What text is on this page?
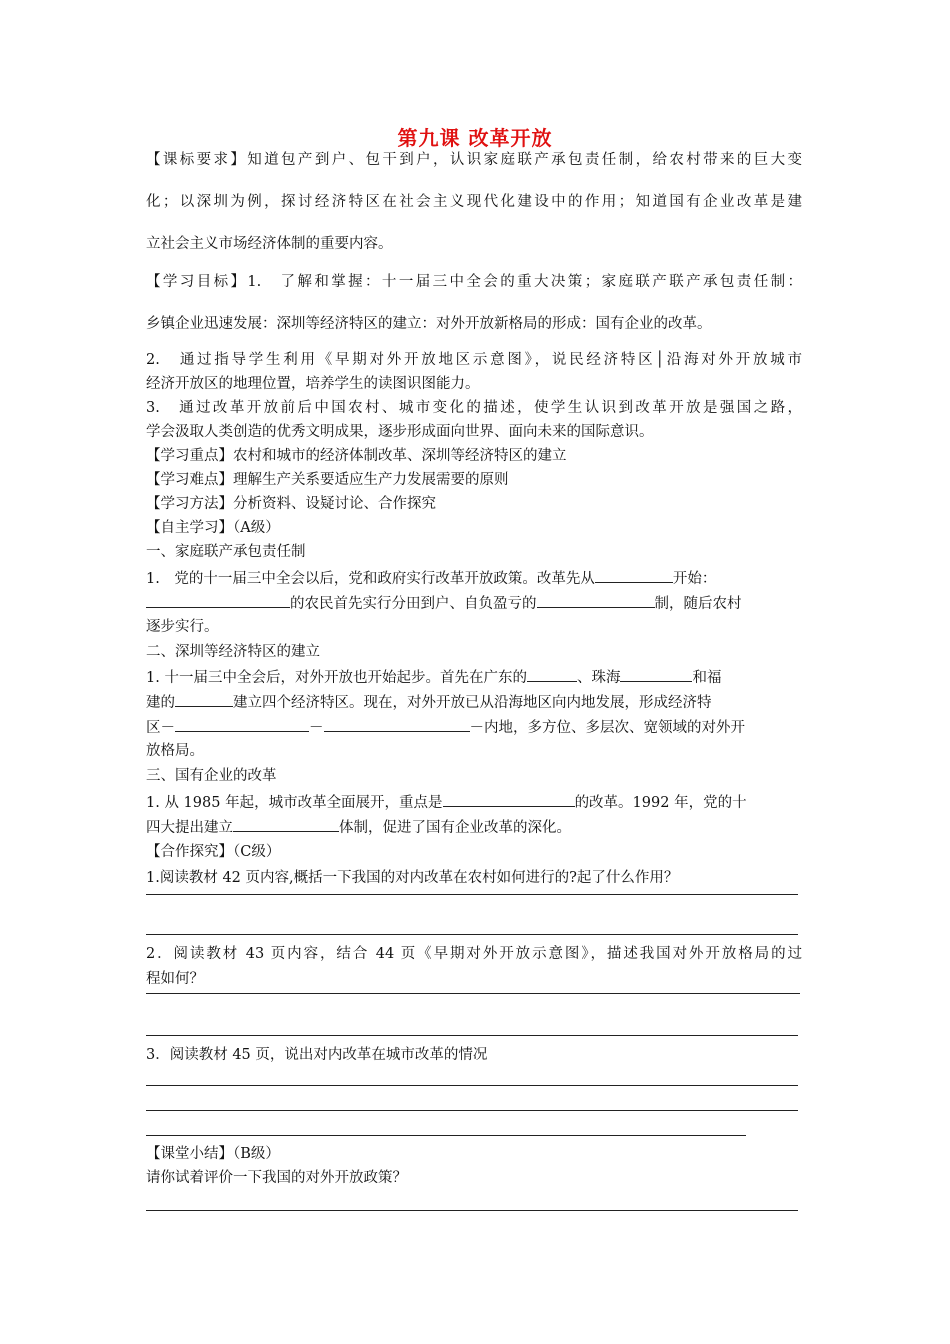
第九课 改革开放
【课标要求】知道包产到户、包干到户，认识家庭联产承包责任制，给农村带来的巨大变
化；以深圳为例，探讨经济特区在社会主义现代化建设中的作用；知道国有企业改革是建
立社会主义市场经济体制的重要内容。
【学习目标】1.　了解和掌握：十一届三中全会的重大决策；家庭联产联产承包责任制：
乡镇企业迅速发展：深圳等经济特区的建立：对外开放新格局的形成：国有企业的改革。
2.　通过指导学生利用《早期对外开放地区示意图》，说民经济特区│沿海对外开放城市
经济开放区的地理位置，培养学生的读图识图能力。
3.　通过改革开放前后中国农村、城市变化的描述，使学生认识到改革开放是强国之路，
学会汲取人类创造的优秀文明成果，逐步形成面向世界、面向未来的国际意识。
【学习重点】农村和城市的经济体制改革、深圳等经济特区的建立
【学习难点】理解生产关系要适应生产力发展需要的原则
【学习方法】分析资料、设疑讨论、合作探究
【自主学习】（A级）
一、家庭联产承包责任制
1.　党的十一届三中全会以后，党和政府实行改革开放政策。改革先从	开始：
的农民首先实行分田到户、自负盈亏的	制，随后农村
逐步实行。
二、深圳等经济特区的建立
1. 十一届三中全会后，对外开放也开始起步。首先在广东的	、珠海	和福
建的	建立四个经济特区。现在，对外开放已从沿海地区向内地发展，形成经济特
区－	－	－内地，多方位、多层次、宽领域的对外开
放格局。
三、国有企业的改革
1. 从 1985 年起，城市改革全面展开，重点是	的改革。1992 年，党的十
四大提出建立	体制，促进了国有企业改革的深化。
【合作探究】（C级）
1.阅读教材 42 页内容,概括一下我国的对内改革在农村如何进行的?起了什么作用？
2．阅读教材 43 页内容，结合 44 页《早期对外开放示意图》，描述我国对外开放格局的过
程如何？
3．阅读教材 45 页，说出对内改革在城市改革的情况
【课堂小结】（B级）
请你试着评价一下我国的对外开放政策？
